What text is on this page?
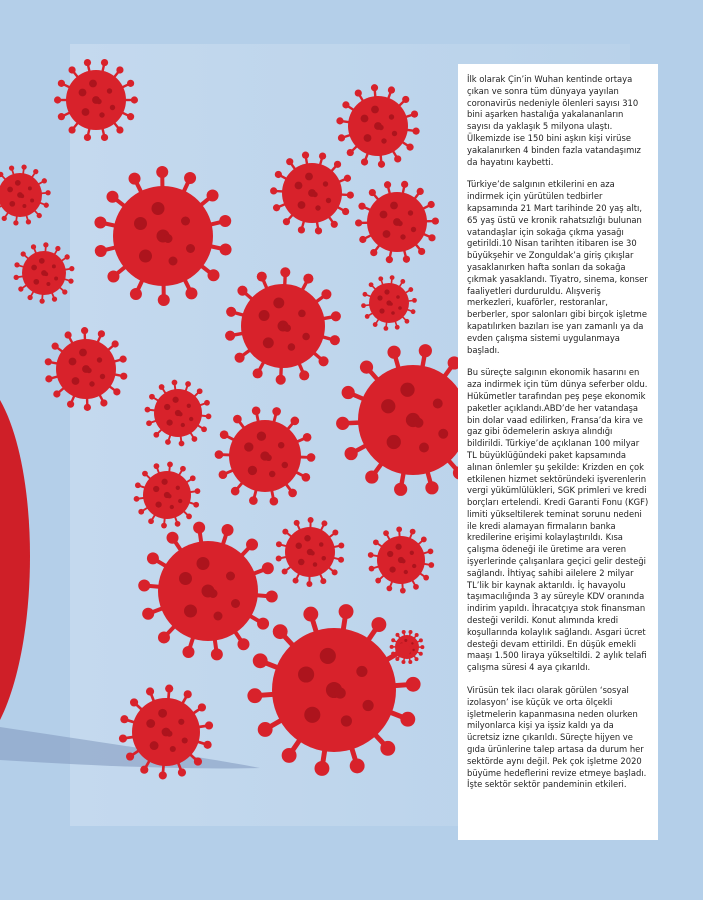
İlk olarak Çin’in Wuhan kentinde ortaya çıkan ve sonra tüm dünyaya yayılan coronavirüs nedeniyle ölenleri sayısı 310 bini aşarken hastalığa yakalananların sayısı da yaklaşık 5 milyona ulaştı. Ülkemizde ise 150 bini aşkın kişi virüse yakalanırken 4 binden fazla vatandaşımız da hayatını kaybetti.

Türkiye’de salgının etkilerini en aza indirmek için yürütülen tedbirler kapsamında 21 Mart tarihinde 20 yaş altı, 65 yaş üstü ve kronik rahatsızlığı bulunan vatandaşlar için sokağa çıkma yasağı getirildi.10 Nisan tarihten itibaren ise 30 büyükşehir ve Zonguldak’a giriş çıkışlar yasaklanırken hafta sonları da sokağa çıkmak yasaklandı. Tiyatro, sinema, konser faaliyetleri durduruldu. Alışveriş merkezleri, kuaförler, restoranlar, berberler, spor salonları gibi birçok işletme kapatılırken bazıları ise yarı zamanlı ya da evden çalışma sistemi uygulanmaya başladı.

Bu süreçte salgının ekonomik hasarını en aza indirmek için tüm dünya seferber oldu. Hükümetler tarafından peş peşe ekonomik paketler açıklandı.ABD’de her vatandaşa bin dolar vaad edilirken, Fransa’da kira ve gaz gibi ödemelerin askıya alındığı bildirildi. Türkiye’de açıklanan 100 milyar TL büyüklüğündeki paket kapsamında alınan önlemler şu şekilde: Krizden en çok etkilenen hizmet sektöründeki işverenlerin vergi yükümlülükleri, SGK primleri ve kredi borçları ertelendi. Kredi Garanti Fonu (KGF) limiti yükseltilerek teminat sorunu nedeni ile kredi alamayan firmaların banka kredilerine erişimi kolaylaştırıldı. Kısa çalışma ödeneği ile üretime ara veren işyerlerinde çalışanlara geçici gelir desteği sağlandı. İhtiyaç sahibi ailelere 2 milyar TL’lik bir kaynak aktarıldı. İç havayolu taşımacılığında 3 ay süreyle KDV oranında indirim yapıldı. İhracatçıya stok finansman desteği verildi. Konut alımında kredi koşullarında kolaylık sağlandı. Asgari ücret desteği devam ettirildi. En düşük emekli maaşı 1.500 liraya yükseltildi. 2 aylık telafi çalışma süresi 4 aya çıkarıldı.

Virüsün tek ilacı olarak görülen ‘sosyal izolasyon’ ise küçük ve orta ölçekli işletmelerin kapanmasına neden olurken milyonlarca kişi ya işsiz kaldı ya da ücretsiz izne çıkarıldı. Süreçte hijyen ve gıda ürünlerine talep artasa da durum her sektörde aynı değil. Pek çok işletme 2020 büyüme hedeflerini revize etmeye başladı. İşte sektör sektör pandeminin etkileri.
